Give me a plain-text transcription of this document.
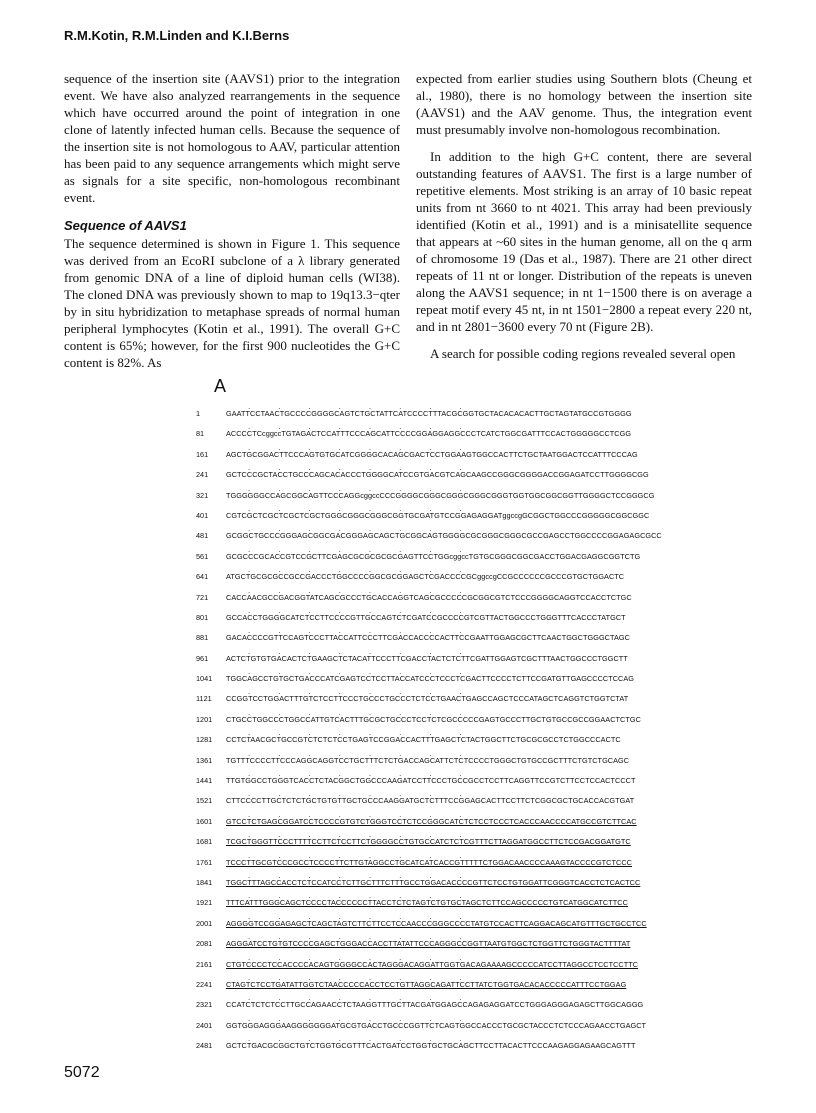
R.M.Kotin, R.M.Linden and K.I.Berns

sequence of the insertion site (AAVS1) prior to the integration event. We have also analyzed rearrangements in the sequence which have occurred around the point of integration in one clone of latently infected human cells. Because the sequence of the insertion site is not homologous to AAV, particular attention has been paid to any sequence arrangements which might serve as signals for a site specific, non-homologous recombinant event.

Sequence of AAVS1

The sequence determined is shown in Figure 1. This sequence was derived from an EcoRI subclone of a λ library generated from genomic DNA of a line of diploid human cells (WI38). The cloned DNA was previously shown to map to 19q13.3−qter by in situ hybridization to metaphase spreads of normal human peripheral lymphocytes (Kotin et al., 1991). The overall G+C content is 65%; however, for the first 900 nucleotides the G+C content is 82%. As

expected from earlier studies using Southern blots (Cheung et al., 1980), there is no homology between the insertion site (AAVS1) and the AAV genome. Thus, the integration event must presumably involve non-homologous recombination.

In addition to the high G+C content, there are several outstanding features of AAVS1. The first is a large number of repetitive elements. Most striking is an array of 10 basic repeat units from nt 3660 to nt 4021. This array had been previously identified (Kotin et al., 1991) and is a minisatellite sequence that appears at ~60 sites in the human genome, all on the q arm of chromosome 19 (Das et al., 1987). There are 21 other direct repeats of 11 nt or longer. Distribution of the repeats is uneven along the AAVS1 sequence; in nt 1−1500 there is on average a repeat motif every 45 nt, in nt 1501−2800 a repeat every 220 nt, and in nt 2801−3600 every 70 nt (Figure 2B).

A search for possible coding regions revealed several open

A
.    .    .    .    .    .    .    .
1	GAATTCCTAACTGCCCCGGGGCAGTCTGCTATTCATCCCCTTTACGCGGTGCTACACACACTTGCTAGTATGCCGTGGGG
.    .    .    .    .    .    .    .
81	ACCCCTCcggccTGTAGACTCCATTTCCCAGCATTCCCCGGAGGAGGCCCTCATCTGGCGATTTCCACTGGGGGCCTCGG
.    .    .    .    .    .    .    .
161	AGCTGCGGACTTCCCAGTGTGCATCGGGGCACAGCGACTCCTGGAAGTGGCCACTTCTGCTAATGGACTCCATTTCCCAG
.    .    .    .    .    .    .    .
241	GCTCCCGCTACCTGCCCAGCACACCCTGGGGCATCCGTGACGTCAGCAAGCCGGGCGGGGACCGGAGATCCTTGGGGCGG
.    .    .    .    .    .    .    .
321	TGGGGGGCCAGCGGCAGTTCCCAGGcggccCCCGGGGCGGGCGGGCGGGCGGGTGGTGGCGGCGGTTGGGGCTCCGGGCG
.    .    .    .    .    .    .    .
401	CGTCGCTCGCTCGCTCGCTGGGCGGGCGGGCGGTGCGATGTCCGGAGAGGATggccgGCGGCTGGCCCGGGGGCGGCGGC
.    .    .    .    .    .    .    .
481	GCGGCTGCCCGGGAGCGGCGACGGGAGCAGCTGCGGCAGTGGGGCGCGGGCGGGCGCCGAGCCTGGCCCCGGAGAGCGCC
.    .    .    .    .    .    .    .
561	GCGCCCGCACCGTCCGCTTCGAGCGCGCGCGCGAGTTCCTGGcggccTGTGCGGGCGGCGACCTGGACGAGGCGGTCTG
.    .    .    .    .    .    .    .
641	ATGCTGCGCGCCGCCGACCCTGGCCCCGGCGCGGAGCTCGACCCCGCggccgCCGCCCCCCGCCCGTGCTGGACTC
.    .    .    .    .    .    .    .
721	CACCAACGCCGACGGTATCAGCGCCCTGCACCAGGTCAGCGCCCCCGCGGCGTCTCCCGGGGCAGGTCCACCTCTGC
.    .    .    .    .    .    .    .
801	GCCACCTGGGGCATCTCCTTCCCCGTTGCCAGTCTCGATCCGCCCCGTCGTTACTGGCCCTGGGTTTCACCCTATGCT
.    .    .    .    .    .    .    .
881	GACACCCCGTTCCAGTCCCTTACCATTCCCTTCGACCACCCCACTTCCGAATTGGAGCGCTTCAACTGGCTGGGCTAGC
.    .    .    .    .    .    .    .
961	ACTCTGTGTGACACTCTGAAGCTCTACATTCCCTTCGACCTACTCTCTTCGATTGGAGTCGCTTTAACTGGCCCTGGCTT
.    .    .    .    .    .    .    .
1041	TGGCAGCCTGTGCTGACCCATCGAGTCCTCCTTACCATCCCTCCCTCGACTTCCCCTCTTCCGATGTTGAGCCCCTCCAG
.    .    .    .    .    .    .    .
1121	CCGGTCCTGGACTTTGTCTCCTTCCCTGCCCTGCCCTCTCCTGAACTGAGCCAGCTCCCATAGCTCAGGTCTGGTCTAT
.    .    .    .    .    .    .    .
1201	CTGCCTGGCCCTGGCCATTGTCACTTTGCGCTGCCCTCCTCTCGCCCCCGAGTGCCCTTGCTGTGCCGCCGGAACTCTGC
.    .    .    .    .    .    .    .
1281	CCTCTAACGCTGCCGTCTCTCTCCTGAGTCCGGACCACTTTGAGCTCTACTGGCTTCTGCGCGCCTCTGGCCCACTC
.    .    .    .    .    .    .    .
1361	TGTTTCCCCTTCCCAGGCAGGTCCTGCTTTCTCTGACCAGCATTCTCTCCCCTGGGCTGTGCCGCTTTCTGTCTGCAGC
.    .    .    .    .    .    .    .
1441	TTGTGGCCTGGGTCACCTCTACGGCTGGCCCAAGATCCTTCCCTGCCGCCTCCTTCAGGTTCCGTCTTCCTCCACTCCCT
.    .    .    .    .    .    .    .
1521	CTTCCCCTTGCTCTCTGCTGTGTTGCTGCCCAAGGATGCTCTTTCCGGAGCACTTCCTTCTCGGCGCTGCACCACGTGAT
.    .    .    .    .    .    .    .
1601	GTCCTCTGAGCGGATCCTCCCCGTGTCTGGGTCCTCTCCGGGCATCTCTCCTCCCTCACCCAACCCCATGCCGTCTTCAC
.    .    .    .    .    .    .    .
1681	TCGCTGGGTTCCCTTTTCCTTCTCCTTCTGGGGCCTGTGCCATCTCTCGTTTCTTAGGATGGCCTTCTCCGACGGATGTC
.    .    .    .    .    .    .    .
1761	TCCCTTGCGTCCCGCCTCCCCTTCTTGTAGGCCTGCATCATCACCGTTTTTCTGGACAACCCCAAAGTACCCCGTCTCCC
.    .    .    .    .    .    .    .
1841	TGGCTTTAGCCACCTCTCCATCCTCTTGCTTTCTTTGCCTGGACACCCCGTTCTCCTGTGGATTCGGGTCACCTCTCACTCC
.    .    .    .    .    .    .    .
1921	TTTCATTTGGGCAGCTCCCCTACCCCCCTTACCTCTCTAGTCTGTGCTAGCTCTTCCAGCCCCCTGTCATGGCATCTTCC
.    .    .    .    .    .    .    .
2001	AGGGGTCCGGAGAGCTCAGCTAGTCTTCTTCCTCCAACCCGGGCCCCTATGTCCACTTCAGGACAGCATGTTTGCTGCCTCC
.    .    .    .    .    .    .    .
2081	AGGGATCCTGTGTCCCCGAGCTGGGACCACCTTATATTCCCAGGGCCGGTTAATGTGGCTCTGGTTCTGGGTACTTTTAT
.    .    .    .    .    .    .    .
2161	CTGTCCCCTCCACCCCACAGTGGGGCCACTAGGGACAGGATTGGTGACAGAAAAGCCCCCATCCTTAGGCCTCCTCCTTC
.    .    .    .    .    .    .    .
2241	CTAGTCTCCTGATATTGGTCTAACCCCCACCTCCTGTTAGGCAGATTCCTTATCTGGTGACACACCCCCATTTCCTGGAG
.    .    .    .    .    .    .    .
2321	CCATCTCTCTCCTTGCCAGAACCTCTAAGGTTTGCTTACGATGGAGCCAGAGAGGATCCTGGGAGGGAGAGCTTGGCAGGG
.    .    .    .    .    .    .    .
2401	GGTGGGAGGGAAGGGGGGGATGCGTGACCTGCCCGGTTCTCAGTGGCCACCCTGCGCTACCCTCTCCCAGAACCTGAGCT
.    .    .    .    .    .    .    .
2481	GCTCTGACGCGGCTGTCTGGTGCGTTTCACTGATCCTGGTGCTGCAGCTTCCTTACACTTCCCAAGAGGAGAAGCAGTTT
5072
